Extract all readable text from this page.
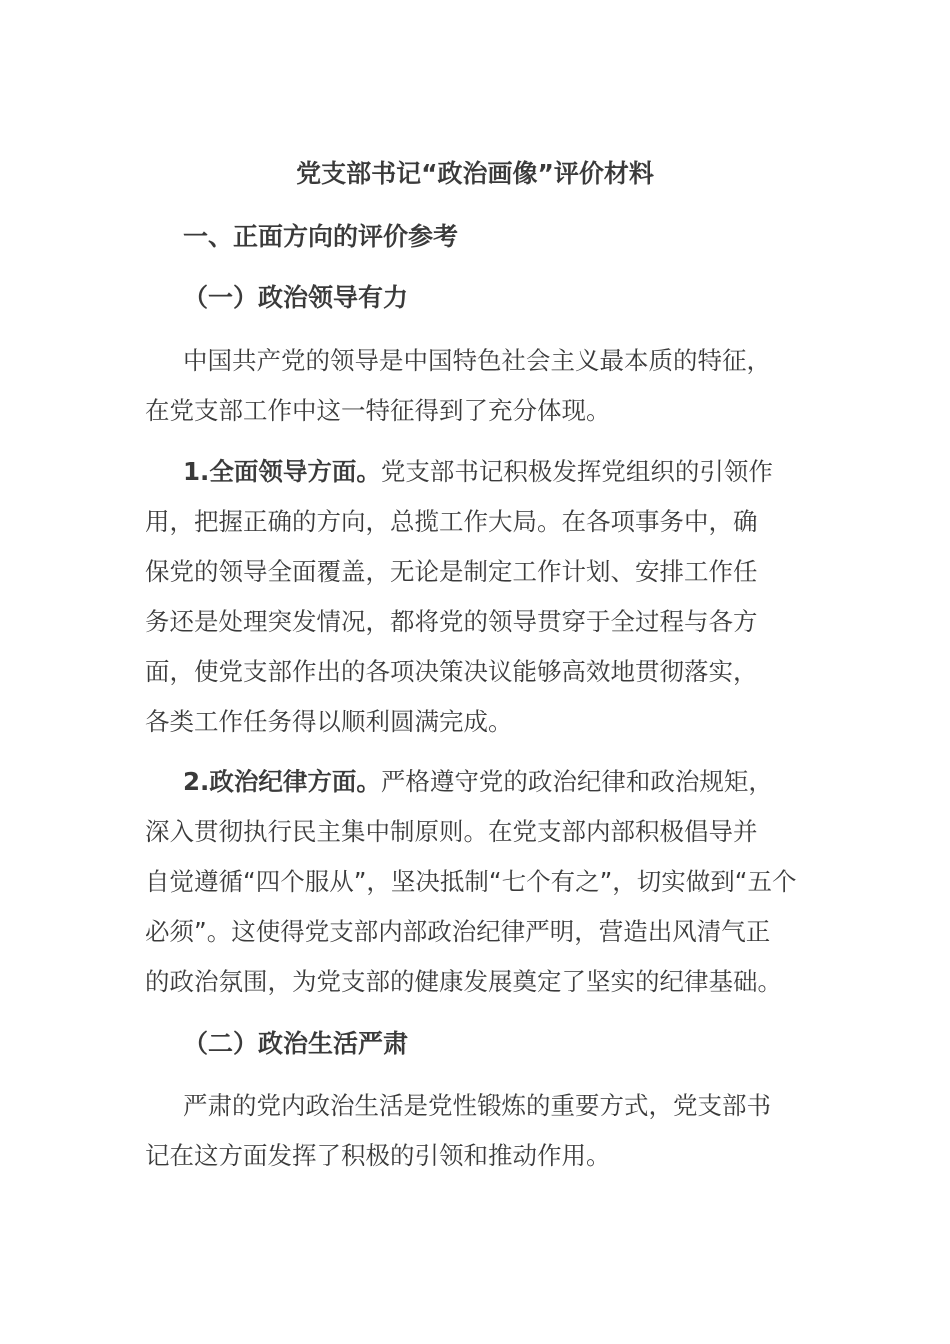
党支部书记“政治画像”评价材料
一、正面方向的评价参考
（一）政治领导有力
中国共产党的领导是中国特色社会主义最本质的特征，
在党支部工作中这一特征得到了充分体现。
1.全面领导方面。党支部书记积极发挥党组织的引领作
用，把握正确的方向，总揽工作大局。在各项事务中，确
保党的领导全面覆盖，无论是制定工作计划、安排工作任
务还是处理突发情况，都将党的领导贯穿于全过程与各方
面，使党支部作出的各项决策决议能够高效地贯彻落实，
各类工作任务得以顺利圆满完成。
2.政治纪律方面。严格遵守党的政治纪律和政治规矩，
深入贯彻执行民主集中制原则。在党支部内部积极倡导并
自觉遵循“四个服从”，坚决抵制“七个有之”，切实做到“五个
必须”。这使得党支部内部政治纪律严明，营造出风清气正
的政治氛围，为党支部的健康发展奠定了坚实的纪律基础。
（二）政治生活严肃
严肃的党内政治生活是党性锻炼的重要方式，党支部书
记在这方面发挥了积极的引领和推动作用。
